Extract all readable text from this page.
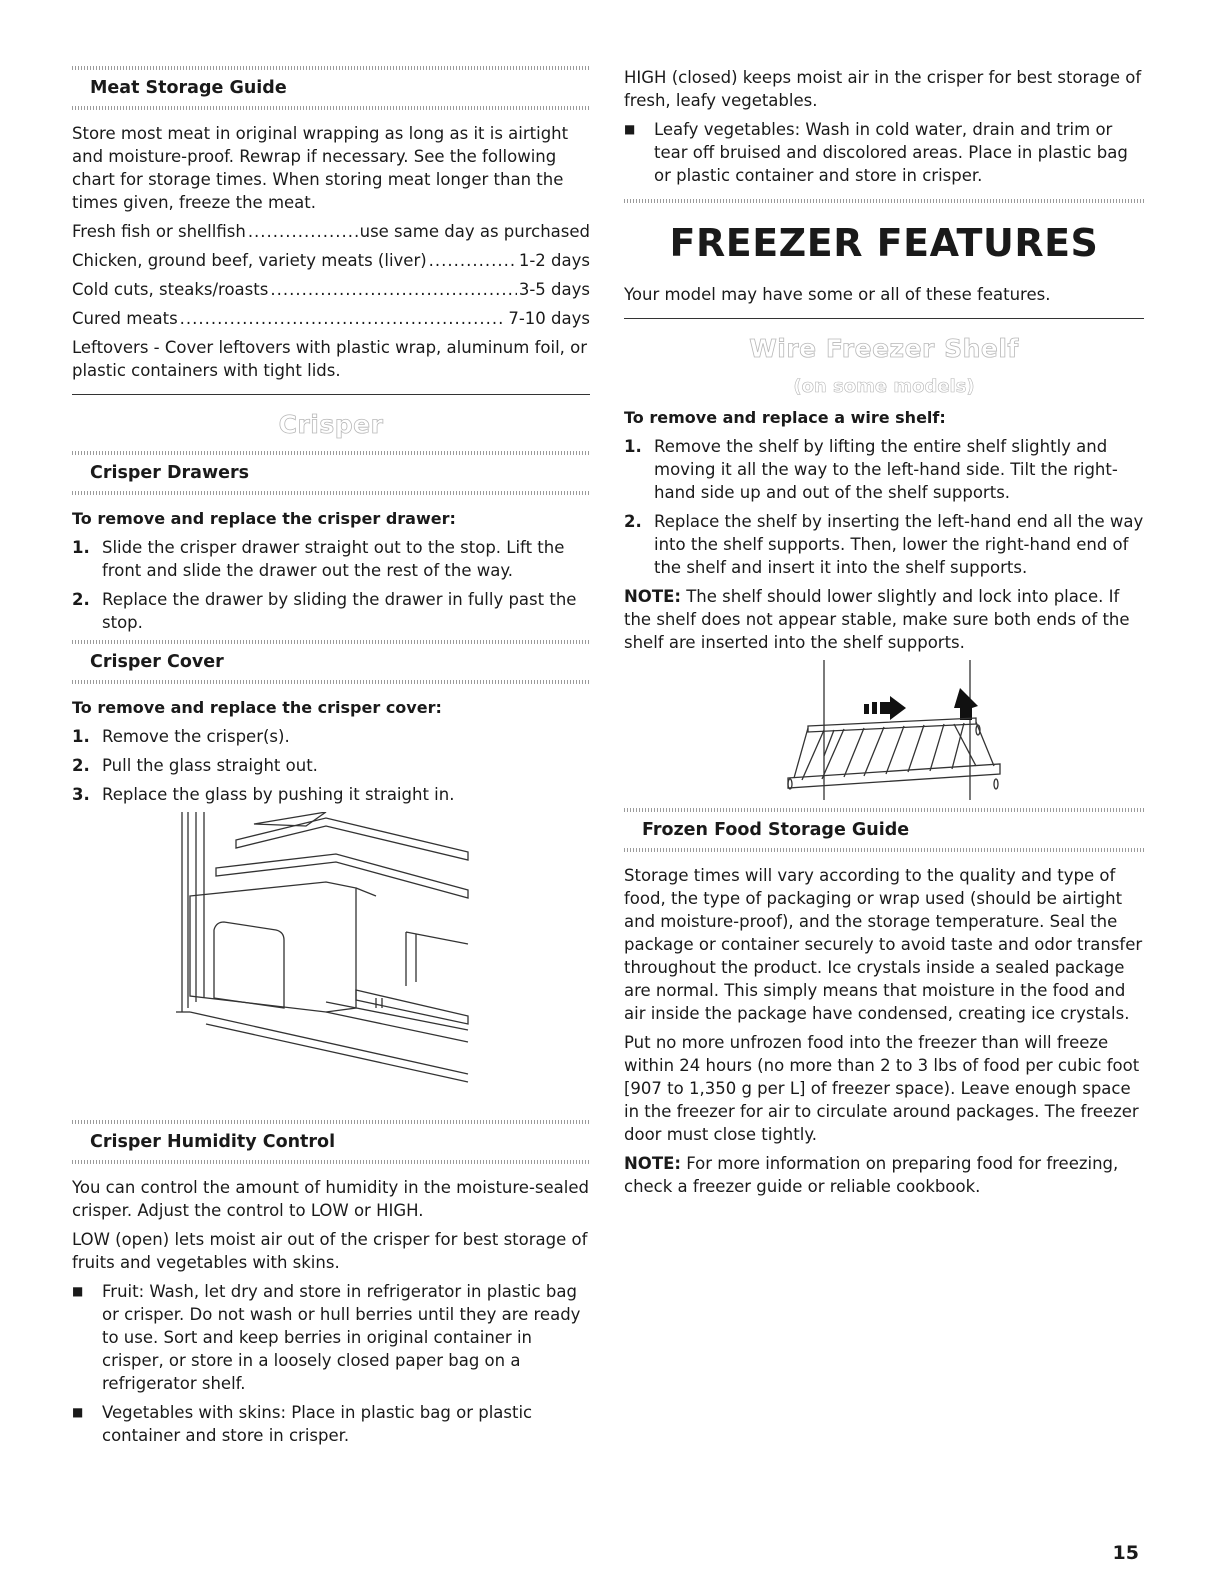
Meat Storage Guide

Store most meat in original wrapping as long as it is airtight and moisture-proof. Rewrap if necessary. See the following chart for storage times. When storing meat longer than the times given, freeze the meat.

Fresh fish or shellfish .....	use same day as purchased
Chicken, ground beef, variety meats (liver) .....	1-2 days
Cold cuts, steaks/roasts .....	3-5 days
Cured meats .....	7-10 days

Leftovers - Cover leftovers with plastic wrap, aluminum foil, or plastic containers with tight lids.

Crisper
Crisper Drawers
To remove and replace the crisper drawer:
1. Slide the crisper drawer straight out to the stop. Lift the front and slide the drawer out the rest of the way.
2. Replace the drawer by sliding the drawer in fully past the stop.
Crisper Cover
To remove and replace the crisper cover:
1. Remove the crisper(s).
2. Pull the glass straight out.
3. Replace the glass by pushing it straight in.
Crisper Humidity Control

You can control the amount of humidity in the moisture-sealed crisper. Adjust the control to LOW or HIGH.

LOW (open) lets moist air out of the crisper for best storage of fruits and vegetables with skins.

■	Fruit: Wash, let dry and store in refrigerator in plastic bag or crisper. Do not wash or hull berries until they are ready to use. Sort and keep berries in original container in crisper, or store in a loosely closed paper bag on a refrigerator shelf.
■	Vegetables with skins: Place in plastic bag or plastic container and store in crisper.

HIGH (closed) keeps moist air in the crisper for best storage of fresh, leafy vegetables.

■	Leafy vegetables: Wash in cold water, drain and trim or tear off bruised and discolored areas. Place in plastic bag or plastic container and store in crisper.
FREEZER FEATURES

Your model may have some or all of these features.

Wire Freezer Shelf
(on some models)
To remove and replace a wire shelf:
1. Remove the shelf by lifting the entire shelf slightly and moving it all the way to the left-hand side. Tilt the right-hand side up and out of the shelf supports.
2. Replace the shelf by inserting the left-hand end all the way into the shelf supports. Then, lower the right-hand end of the shelf and insert it into the shelf supports.

NOTE: The shelf should lower slightly and lock into place. If the shelf does not appear stable, make sure both ends of the shelf are inserted into the shelf supports.

Frozen Food Storage Guide

Storage times will vary according to the quality and type of food, the type of packaging or wrap used (should be airtight and moisture-proof), and the storage temperature. Seal the package or container securely to avoid taste and odor transfer throughout the product. Ice crystals inside a sealed package are normal. This simply means that moisture in the food and air inside the package have condensed, creating ice crystals.

Put no more unfrozen food into the freezer than will freeze within 24 hours (no more than 2 to 3 lbs of food per cubic foot [907 to 1,350 g per L] of freezer space). Leave enough space in the freezer for air to circulate around packages. The freezer door must close tightly.

NOTE: For more information on preparing food for freezing, check a freezer guide or reliable cookbook.

15
